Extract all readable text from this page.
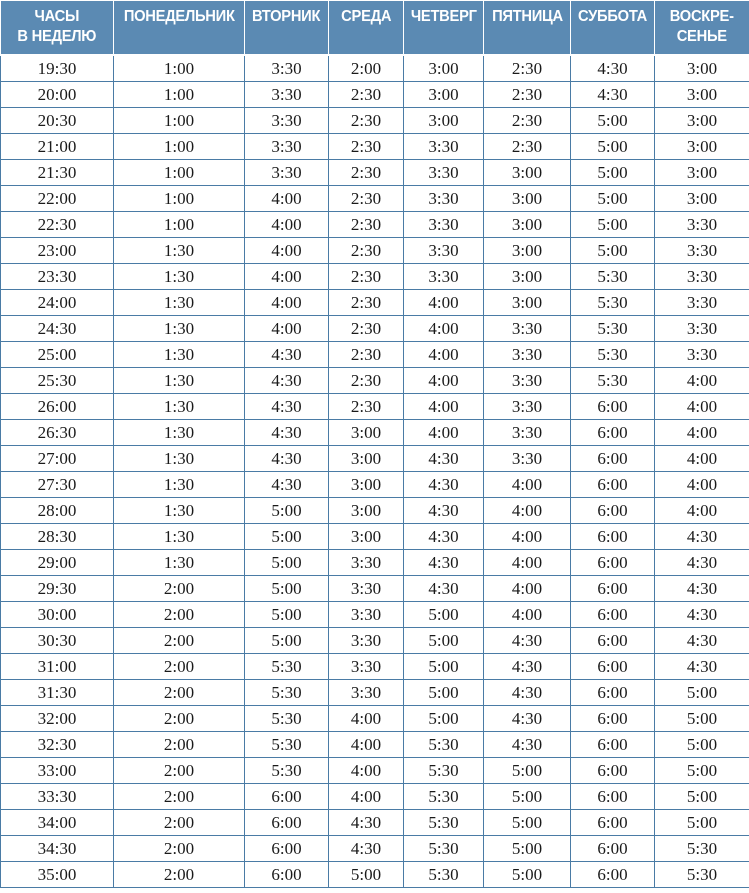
ЧАСЫ
В НЕДЕЛЮ	ПОНЕДЕЛЬНИК	ВТОРНИК	СРЕДА	ЧЕТВЕРГ	ПЯТНИЦА	СУББОТА	ВОСКРЕ-
СЕНЬЕ
19:30	1:00	3:30	2:00	3:00	2:30	4:30	3:00
20:00	1:00	3:30	2:30	3:00	2:30	4:30	3:00
20:30	1:00	3:30	2:30	3:00	2:30	5:00	3:00
21:00	1:00	3:30	2:30	3:30	2:30	5:00	3:00
21:30	1:00	3:30	2:30	3:30	3:00	5:00	3:00
22:00	1:00	4:00	2:30	3:30	3:00	5:00	3:00
22:30	1:00	4:00	2:30	3:30	3:00	5:00	3:30
23:00	1:30	4:00	2:30	3:30	3:00	5:00	3:30
23:30	1:30	4:00	2:30	3:30	3:00	5:30	3:30
24:00	1:30	4:00	2:30	4:00	3:00	5:30	3:30
24:30	1:30	4:00	2:30	4:00	3:30	5:30	3:30
25:00	1:30	4:30	2:30	4:00	3:30	5:30	3:30
25:30	1:30	4:30	2:30	4:00	3:30	5:30	4:00
26:00	1:30	4:30	2:30	4:00	3:30	6:00	4:00
26:30	1:30	4:30	3:00	4:00	3:30	6:00	4:00
27:00	1:30	4:30	3:00	4:30	3:30	6:00	4:00
27:30	1:30	4:30	3:00	4:30	4:00	6:00	4:00
28:00	1:30	5:00	3:00	4:30	4:00	6:00	4:00
28:30	1:30	5:00	3:00	4:30	4:00	6:00	4:30
29:00	1:30	5:00	3:30	4:30	4:00	6:00	4:30
29:30	2:00	5:00	3:30	4:30	4:00	6:00	4:30
30:00	2:00	5:00	3:30	5:00	4:00	6:00	4:30
30:30	2:00	5:00	3:30	5:00	4:30	6:00	4:30
31:00	2:00	5:30	3:30	5:00	4:30	6:00	4:30
31:30	2:00	5:30	3:30	5:00	4:30	6:00	5:00
32:00	2:00	5:30	4:00	5:00	4:30	6:00	5:00
32:30	2:00	5:30	4:00	5:30	4:30	6:00	5:00
33:00	2:00	5:30	4:00	5:30	5:00	6:00	5:00
33:30	2:00	6:00	4:00	5:30	5:00	6:00	5:00
34:00	2:00	6:00	4:30	5:30	5:00	6:00	5:00
34:30	2:00	6:00	4:30	5:30	5:00	6:00	5:30
35:00	2:00	6:00	5:00	5:30	5:00	6:00	5:30
